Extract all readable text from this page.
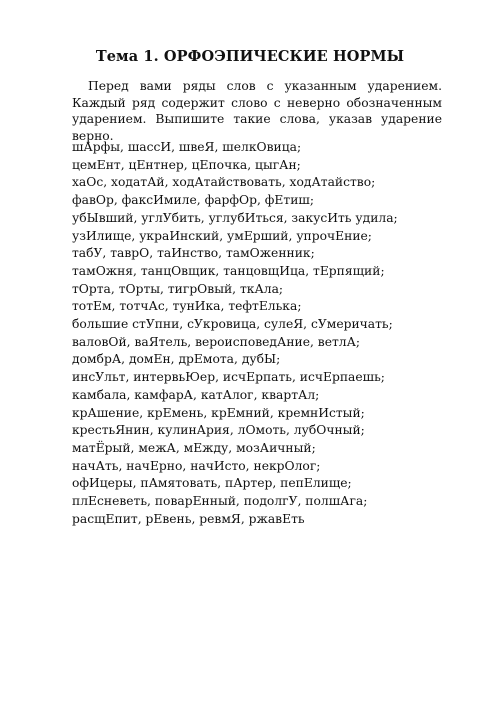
Тема 1. ОРФОЭПИЧЕСКИЕ НОРМЫ

Перед вами ряды слов с указанным ударением. Каждый ряд содержит слово с неверно обозначенным ударением. Выпишите такие слова, указав ударение верно.

шАрфы, шассИ, швеЯ, шелкОвица;
цемЕнт, цЕнтнер, цЕпочка, цыгАн;
хаОс, ходатАй, ходАтайствовать, ходАтайство;
фавОр, факсИмиле, фарфОр, фЕтиш;
убЫвший, углУбить, углубИться, закусИть удила;
узИлище, украИнский, умЕрший, упрочЕние;
табУ, таврО, таИнство, тамОженник;
тамОжня, танцОвщик, танцовщИца, тЕрпящий;
тОрта, тОрты, тигрОвый, ткАла;
тотЕм, тотчАс, тунИка, тефтЕлька;
большие стУпни, сУкровица, сулеЯ, сУмеричать;
валовОй, ваЯтель, вероисповедАние, ветлА;
домбрА, домЕн, дрЕмота, дубЫ;
инсУльт, интервьЮер, исчЕрпать, исчЕрпаешь;
камбала, камфарА, катАлог, квартАл;
крАшение, крЕмень, крЕмний, кремнИстый;
крестьЯнин, кулинАрия, лОмоть, лубОчный;
матЁрый, межА, мЕжду, мозАичный;
начАть, начЕрно, начИсто, некрОлог;
офИцеры, пАмятовать, пАртер, пепЕлище;
плЕсневеть, поварЕнный, подолгУ, полшАга;
расщЕпит, рЕвень, ревмЯ, ржавЕть
